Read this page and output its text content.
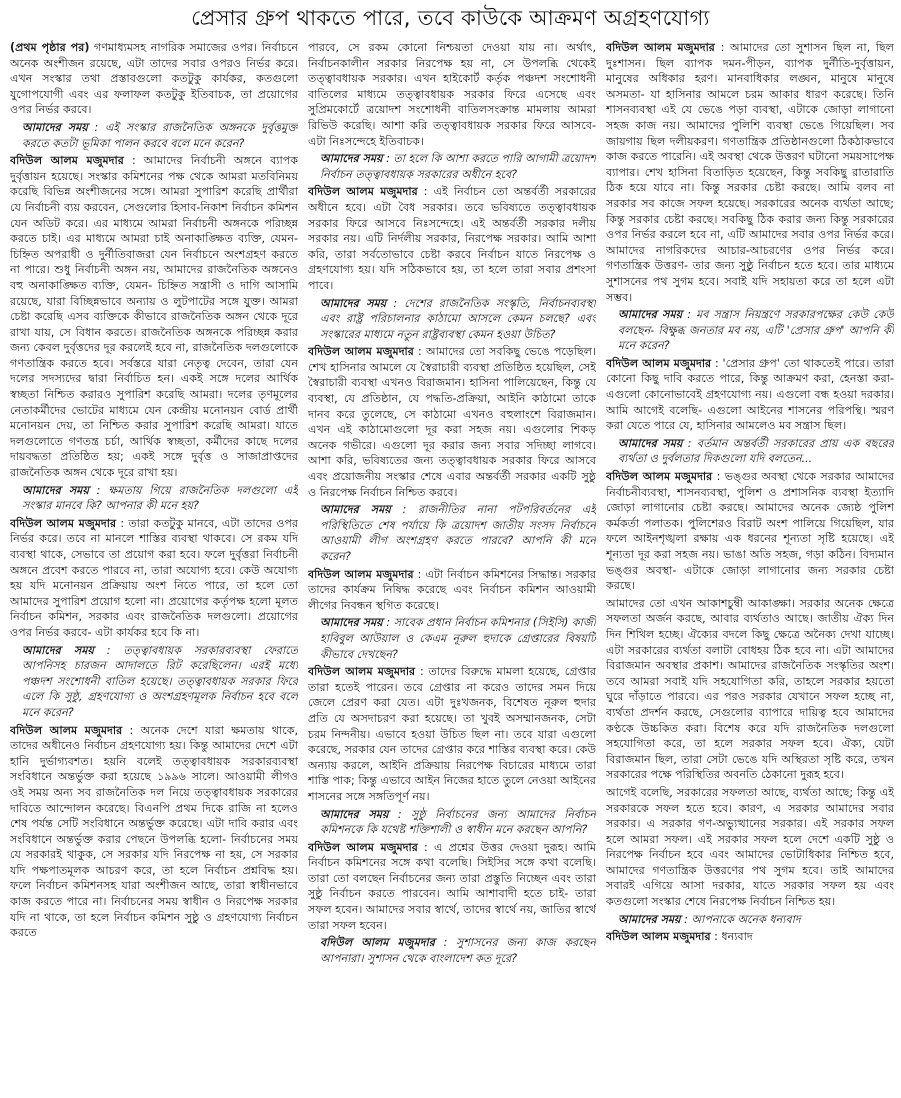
প্রেসার গ্রুপ থাকতে পারে, তবে কাউকে আক্রমণ অগ্রহণযোগ্য

(প্রথম পৃষ্ঠার পর) গণমাধ্যমসহ নাগরিক সমাজের ওপর। নির্বাচনে অনেক অংশীজন রয়েছে, এটা তাদের সবার ওপরও নির্ভর করে। এখন সংস্কার তথা প্রস্তাবগুলো কতটুকু কার্যকর, কতগুলো যুগোপযোগী এবং এর ফলাফল কতটুকু ইতিবাচক, তা প্রয়োগের ওপর নির্ভর করবে।

আমাদের সময় : এই সংস্কার রাজনৈতিক অঙ্গনকে দুর্বৃত্তমুক্ত করতে কতটা ভূমিকা পালন করবে বলে মনে করেন?

বদিউল আলম মজুমদার : আমাদের নির্বাচনী অঙ্গনে ব্যাপক দুর্বৃত্তায়ন হয়েছে। সংস্কার কমিশনের পক্ষ থেকে আমরা মতবিনিময় করেছি বিভিন্ন অংশীজনের সঙ্গে। আমরা সুপারিশ করেছি প্রার্থীরা যে নির্বাচনী ব্যয় করবেন, সেগুলোর হিসাব-নিকাশ নির্বাচন কমিশন যেন অডিট করে। এর মাধ্যমে আমরা নির্বাচনী অঙ্গনকে পরিচ্ছন্ন করতে চাই। এর মাধ্যমে আমরা চাই অনাকাঙ্ক্ষিত ব্যক্তি, যেমন- চিহ্নিত অপরাধী ও দুর্নীতিবাজরা যেন নির্বাচনে অংশগ্রহণ করতে না পারে। শুধু নির্বাচনী অঙ্গন নয়, আমাদের রাজনৈতিক অঙ্গনেও বহু অনাকাঙ্ক্ষিত ব্যক্তি, যেমন- চিহ্নিত সন্ত্রাসী ও দাগি আসামি রয়েছে, যারা বিচ্ছিন্নভাবে অন্যায় ও লুটপাটের সঙ্গে যুক্ত। আমরা চেষ্টা করেছি এসব ব্যক্তিকে কীভাবে রাজনৈতিক অঙ্গন থেকে দূরে রাখা যায়, সে বিধান করতে। রাজনৈতিক অঙ্গনকে পরিচ্ছন্ন করার জন্য কেবল দুর্বৃত্তদের দূর করলেই হবে না, রাজনৈতিক দলগুলোকে গণতান্ত্রিক করতে হবে। সর্বস্তরে যারা নেতৃত্ব দেবেন, তারা যেন দলের সদস্যদের দ্বারা নির্বাচিত হন। একই সঙ্গে দলের আর্থিক স্বচ্ছতা নিশ্চিত করারও সুপারিশ করেছি আমরা। দলের তৃণমূলের নেতাকর্মীদের ভোটের মাধ্যমে যেন কেন্দ্রীয় মনোনয়ন বোর্ড প্রার্থী মনোনয়ন দেয়, তা নিশ্চিত করার সুপারিশ করেছি আমরা। যাতে দলগুলোতে গণতন্ত্র চর্চা, আর্থিক স্বচ্ছতা, কর্মীদের কাছে দলের দায়বদ্ধতা প্রতিষ্ঠিত হয়; একই সঙ্গে দুর্বৃত্ত ও সাজাপ্রাপ্তদের রাজনৈতিক অঙ্গন থেকে দূরে রাখা হয়।

আমাদের সময় : ক্ষমতায় গিয়ে রাজনৈতিক দলগুলো এই সংস্কার মানবে কি? আপনার কী মনে হয়?

বদিউল আলম মজুমদার : তারা কতটুকু মানবে, এটা তাদের ওপর নির্ভর করে। তবে না মানলে শাস্তির ব্যবস্থা থাকবে। সে রকম যদি ব্যবস্থা থাকে, সেভাবে তা প্রয়োগ করা হবে। ফলে দুর্বৃত্তরা নির্বাচনী অঙ্গনে প্রবেশ করতে পারবে না, তারা অযোগ্য হবে। কেউ অযোগ্য হয় যদি মনোনয়ন প্রক্রিয়ায় অংশ নিতে পারে, তা হলে তো আমাদের সুপারিশ প্রয়োগ হলো না। প্রয়োগের কর্তৃপক্ষ হলো মূলত নির্বাচন কমিশন, সরকার এবং রাজনৈতিক দলগুলো। প্রয়োগের ওপর নির্ভর করবে- এটা কার্যকর হবে কি না।

আমাদের সময় : তত্ত্বাবধায়ক সরকারব্যবস্থা ফেরাতে আপনিসহ চারজন আদালতে রিট করেছিলেন। এরই মধ্যে পঞ্চদশ সংশোধনী বাতিল হয়েছে। তত্ত্বাবধায়ক সরকার ফিরে এলে কি সুষ্ঠু, গ্রহণযোগ্য ও অংশগ্রহণমূলক নির্বাচন হবে বলে মনে করেন?

বদিউল আলম মজুমদার : অনেক দেশে যারা ক্ষমতায় থাকে, তাদের অধীনেও নির্বাচন গ্রহণযোগ্য হয়। কিন্তু আমাদের দেশে এটা হানি দুর্ভাগ্যবশত। হয়নি বলেই তত্ত্বাবধায়ক সরকারব্যবস্থা সংবিধানে অন্তর্ভুক্ত করা হয়েছে ১৯৯৬ সালে। আওয়ামী লীগও ওই সময় অন্য সব রাজনৈতিক দল নিয়ে তত্ত্বাবধায়ক সরকারের দাবিতে আন্দোলন করেছে। বিএনপি প্রথম দিকে রাজি না হলেও শেষ পর্যন্ত সেটি সংবিধানে অন্তর্ভুক্ত করেছে। এটা দাবি করার এবং সংবিধানে অন্তর্ভুক্ত করার পেছনে উপলব্ধি হলো- নির্বাচনের সময় যে সরকারই থাকুক, সে সরকার যদি নিরপেক্ষ না হয়, সে সরকার যদি পক্ষপাতমূলক আচরণ করে, তা হলে নির্বাচন প্রশ্নবিদ্ধ হয়। ফলে নির্বাচন কমিশনসহ যারা অংশীজন আছে, তারা স্বাধীনভাবে কাজ করতে পারে না। নির্বাচনের সময় স্বাধীন ও নিরপেক্ষ সরকার যদি না থাকে, তা হলে নির্বাচন কমিশন সুষ্ঠু ও গ্রহণযোগ্য নির্বাচন করতে

পারবে, সে রকম কোনো নিশ্চয়তা দেওয়া যায় না। অর্থাৎ, নির্বাচনকালীন সরকার নিরপেক্ষ হয় না, সে উপলব্ধি থেকেই তত্ত্বাবধায়ক সরকার। এখন হাইকোর্ট কর্তৃক পঞ্চদশ সংশোধনী বাতিলের মাধ্যমে তত্ত্বাবধায়ক সরকার ফিরে এসেছে এবং সুপ্রিমকোর্টে ত্রয়োদশ সংশোধনী বাতিলসংক্রান্ত মামলায় আমরা রিভিউ করেছি। আশা করি তত্ত্বাবধায়ক সরকার ফিরে আসবে- এটা নিঃসন্দেহে ইতিবাচক।

আমাদের সময় : তা হলে কি আশা করতে পারি আগামী ত্রয়োদশ নির্বাচন তত্ত্বাবধায়ক সরকারের অধীনে হবে?

বদিউল আলম মজুমদার : এই নির্বাচন তো অন্তর্বর্তী সরকারের অধীনে হবে। এটা বৈধ সরকার। তবে ভবিষ্যতে তত্ত্বাবধায়ক সরকার ফিরে আসবে নিঃসন্দেহে। এই অন্তর্বর্তী সরকার দলীয় সরকার নয়। এটি নির্দলীয় সরকার, নিরপেক্ষ সরকার। আমি আশা করি, তারা সর্বতোভাবে চেষ্টা করবে নির্বাচন যাতে নিরপেক্ষ ও গ্রহণযোগ্য হয়। যদি সঠিকভাবে হয়, তা হলে তারা সবার প্রশংসা পাবে।

আমাদের সময় : দেশের রাজনৈতিক সংস্কৃতি, নির্বাচনব্যবস্থা এবং রাষ্ট্র পরিচালনার কাঠামো আসলে কেমন চলছে? এবং সংস্কারের মাধ্যমে নতুন রাষ্ট্রব্যবস্থা কেমন হওয়া উচিত?

বদিউল আলম মজুমদার : আমাদের তো সবকিছু ভেঙে পড়েছিল। শেখ হাসিনার আমলে যে স্বৈরাচারী ব্যবস্থা প্রতিষ্ঠিত হয়েছিল, সেই স্বৈরাচারী ব্যবস্থা এখনও বিরাজমান। হাসিনা পালিয়েছেন, কিন্তু যে ব্যবস্থা, যে প্রতিষ্ঠান, যে পদ্ধতি-প্রক্রিয়া, আইনি কাঠামো তাকে দানব করে তুলেছে, সে কাঠামো এখনও বহুলাংশে বিরাজমান। এখন এই কাঠামোগুলো দূর করা সহজ নয়। এগুলোর শিকড় অনেক গভীরে। এগুলো দূর করার জন্য সবার সদিচ্ছা লাগবে। আশা করি, ভবিষ্যতের জন্য তত্ত্বাবধায়ক সরকার ফিরে আসবে এবং প্রয়োজনীয় সংস্কার শেষে এবার অন্তর্বর্তী সরকার একটি সুষ্ঠু ও নিরপেক্ষ নির্বাচন নিশ্চিত করবে।

আমাদের সময় : রাজনীতির নানা পটপরিবর্তনের এই পরিস্থিতিতে শেষ পর্যায়ে কি ত্রয়োদশ জাতীয় সংসদ নির্বাচনে আওয়ামী লীগ অংশগ্রহণ করতে পারবে? আপনি কী মনে করেন?

বদিউল আলম মজুমদার : এটা নির্বাচন কমিশনের সিদ্ধান্ত। সরকার তাদের কার্যক্রম নিষিদ্ধ করেছে এবং নির্বাচন কমিশন আওয়ামী লীগের নিবন্ধন স্থগিত করেছে।

আমাদের সময় : সাবেক প্রধান নির্বাচন কমিশনার (সিইসি) কাজী হাবিবুল আউয়াল ও কেএম নূরুল হুদাকে গ্রেপ্তারের বিষয়টি কীভাবে দেখছেন?

বদিউল আলম মজুমদার : তাদের বিরুদ্ধে মামলা হয়েছে, গ্রেপ্তার তারা হতেই পারেন। তবে গ্রেপ্তার না করেও তাদের সমন দিয়ে জেলে প্রেরণ করা যেত। এটা দুঃখজনক, বিশেষত নূরুল হুদার প্রতি যে অসদাচরণ করা হয়েছে। তা খুবই অসম্মানজনক, সেটা চরম নিন্দনীয়। এভাবে হওয়া উচিত ছিল না। তবে যারা এগুলো করেছে, সরকার যেন তাদের গ্রেপ্তার করে শাস্তির ব্যবস্থা করে। কেউ অন্যায় করলে, আইনি প্রক্রিয়ায় নিরপেক্ষ বিচারের মাধ্যমে তারা শাস্তি পাক; কিন্তু এভাবে আইন নিজের হাতে তুলে নেওয়া আইনের শাসনের সঙ্গে সঙ্গতিপূর্ণ নয়।

আমাদের সময় : সুষ্ঠু নির্বাচনের জন্য আমাদের নির্বাচন কমিশনকে কি যথেষ্ট শক্তিশালী ও স্বাধীন মনে করছেন আপনি?

বদিউল আলম মজুমদার : এ প্রশ্নের উত্তর দেওয়া দুরূহ। আমি নির্বাচন কমিশনের সঙ্গে কথা বলেছি। সিইসির সঙ্গে কথা বলেছি। তারা তো বলছেন নির্বাচনের জন্য তারা প্রস্তুতি নিচ্ছেন এবং তারা সুষ্ঠু নির্বাচন করতে পারবেন। আমি আশাবাদী হতে চাই- তারা সফল হবেন। আমাদের সবার স্বার্থে, তাদের স্বার্থে নয়, জাতির স্বার্থে তারা সফল হবেন।

বদিউল আলম মজুমদার : সুশাসনের জন্য কাজ করছেন আপনারা। সুশাসন থেকে বাংলাদেশ কত দূরে?

বদিউল আলম মজুমদার : আমাদের তো সুশাসন ছিল না, ছিল দুঃশাসন। ছিল ব্যাপক দমন-পীড়ন, ব্যাপক দুর্নীতি-দুর্বৃত্তায়ন, মানুষের অধিকার হরণ। মানবাধিকার লঙ্ঘন, মানুষে মানুষে অসমতা- যা হাসিনার আমলে চরম আকার ধারণ করেছে। তিনি শাসনব্যবস্থা এই যে ভেঙে পড়া ব্যবস্থা, এটাকে জোড়া লাগানো সহজ কাজ নয়। আমাদের পুলিশি ব্যবস্থা ভেঙে গিয়েছিল। সব জায়গায় ছিল দলীয়করণ। গণতান্ত্রিক প্রতিষ্ঠানগুলো ঠিকঠাকভাবে কাজ করতে পারেনি। এই অবস্থা থেকে উত্তরণ ঘটানো সময়সাপেক্ষ ব্যাপার। শেখ হাসিনা বিতাড়িত হয়েছেন, কিন্তু সবকিছু রাতারাতি ঠিক হয়ে যাবে না। কিন্তু সরকার চেষ্টা করছে। আমি বলব না সরকার সব কাজে সফল হয়েছে। সরকারের অনেক ব্যর্থতা আছে; কিন্তু সরকার চেষ্টা করছে। সবকিছু ঠিক করার জন্য কিন্তু সরকারের ওপর নির্ভর করলে হবে না, এটি আমাদের সবার ওপর নির্ভর করে। আমাদের নাগরিকদের আচার-আচরণের ওপর নির্ভর করে। গণতান্ত্রিক উত্তরণ- তার জন্য সুষ্ঠু নির্বাচন হতে হবে। তার মাধ্যমে সুশাসনের পথ সুগম হবে। সবাই যদি সহায়তা করে তা হলে এটা সম্ভব।

আমাদের সময় : মব সন্ত্রাস নিয়ন্ত্রণে সরকারপক্ষের কেউ কেউ বলছেন- বিক্ষুব্ধ জনতার মব নয়, এটি 'প্রেসার গ্রুপ' আপনি কী মনে করেন?

বদিউল আলম মজুমদার : 'প্রেসার গ্রুপ' তো থাকতেই পারে। তারা কোনো কিছু দাবি করতে পারে, কিন্তু আক্রমণ করা, হেনস্তা করা- এগুলো কোনোভাবেই গ্রহণযোগ্য নয়। এগুলো বন্ধ হওয়া দরকার। আমি আগেই বলেছি- এগুলো আইনের শাসনের পরিপন্থি। স্মরণ করা যেতে পারে যে, হাসিনার আমলেও মব সন্ত্রাস ছিল।

আমাদের সময় : বর্তমান অন্তর্বর্তী সরকারের প্রায় এক বছরের ব্যর্থতা ও দুর্বলতার দিকগুলো যদি বলতেন...

বদিউল আলম মজুমদার : ভঙ্গুর অবস্থা থেকে সরকার আমাদের নির্বাচনীব্যবস্থা, শাসনব্যবস্থা, পুলিশ ও প্রশাসনিক ব্যবস্থা ইত্যাদি জোড়া লাগানোর চেষ্টা করছে। আমাদের অনেক জ্যেষ্ঠ পুলিশ কর্মকর্তা পলাতক। পুলিশেরও বিরাট অংশ পালিয়ে গিয়েছিল, যার ফলে আইনশৃঙ্খলা রক্ষায় এক ধরনের শূন্যতা সৃষ্টি হয়েছে। এই শূন্যতা দূর করা সহজ নয়। ভাঙা অতি সহজ, গড়া কঠিন। বিদ্যমান ভঙ্গুর অবস্থা- এটাকে জোড়া লাগানোর জন্য সরকার চেষ্টা করছে।

আমাদের তো এখন আকাশচুম্বী আকাঙ্ক্ষা। সরকার অনেক ক্ষেত্রে সফলতা অর্জন করছে, আবার ব্যর্থতাও আছে। জাতীয় ঐক্য দিন দিন শিথিল হচ্ছে। ঐক্যের বদলে কিছু ক্ষেত্রে অনৈক্য দেখা যাচ্ছে। এটা সরকারের ব্যর্থতা বলাটা বোধহয় ঠিক হবে না। এটা আমাদের বিরাজমান অবস্থার প্রকাশ। আমাদের রাজনৈতিক সংস্কৃতির অংশ। তবে আমরা সবাই যদি সহযোগিতা করি, তাহলে সরকার হয়তো ঘুরে দাঁড়াতে পারবে। এর পরও সরকার যেখানে সফল হচ্ছে না, ব্যর্থতা প্রদর্শন করছে, সেগুলোর ব্যাপারে দায়িত্ব হবে আমাদের কণ্ঠকে উচ্চকিত করা। বিশেষ করে যদি রাজনৈতিক দলগুলো সহযোগিতা করে, তা হলে সরকার সফল হবে। ঐক্য, যেটা বিরাজমান ছিল, তারা সেটা ভেঙে যদি অস্থিরতা সৃষ্টি করে, তখন সরকারের পক্ষে পরিস্থিতির অবনতি ঠেকানো দুরূহ হবে।

আগেই বলেছি, সরকারের সফলতা আছে, ব্যর্থতা আছে; কিন্তু এই সরকারকে সফল হতে হবে। কারণ, এ সরকার আমাদের সবার সরকার। এ সরকার গণ-অভ্যুত্থানের সরকার। এই সরকার সফল হলে আমরা সফল। এই সরকার সফল হলে দেশে একটি সুষ্ঠু ও নিরপেক্ষ নির্বাচন হবে এবং আমাদের ভোটাধিকার নিশ্চিত হবে, আমাদের গণতান্ত্রিক উত্তরণের পথ সুগম হবে। তাই আমাদের সবারই এগিয়ে আসা দরকার, যাতে সরকার সফল হয় এবং কতগুলো সংস্কার শেষে নিরপেক্ষ নির্বাচন নিশ্চিত হয়।

আমাদের সময় : আপনাকে অনেক ধন্যবাদ

বদিউল আলম মজুমদার : ধন্যবাদ
